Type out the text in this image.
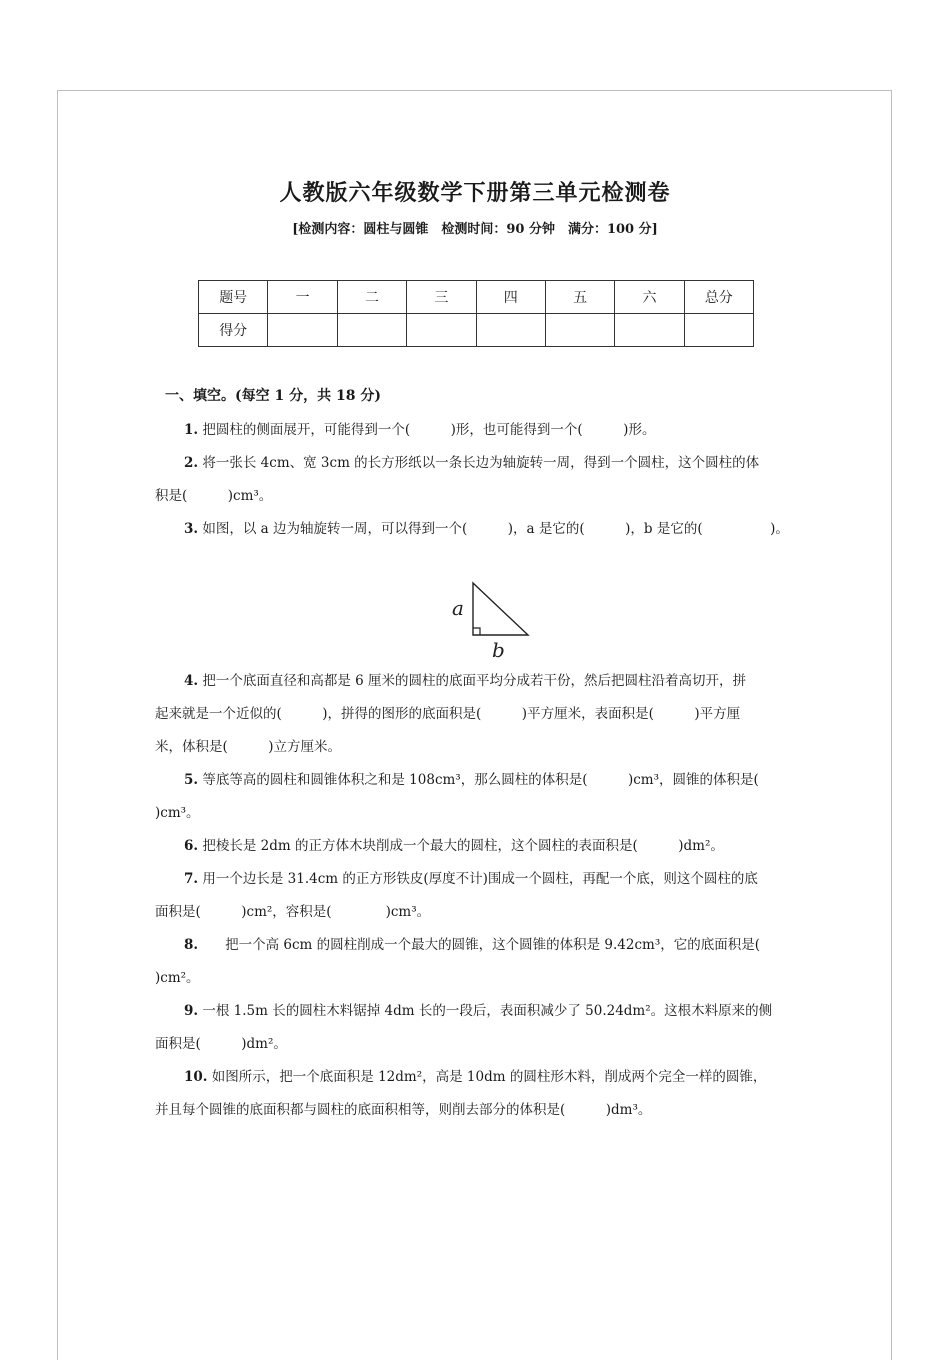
人教版六年级数学下册第三单元检测卷
[检测内容：圆柱与圆锥　检测时间：90 分钟　满分：100 分]
题号	一	二	三	四	五	六	总分
得分							
一、填空。(每空 1 分，共 18 分)
1. 把圆柱的侧面展开，可能得到一个(　　　)形，也可能得到一个(　　　)形。
2. 将一张长 4cm、宽 3cm 的长方形纸以一条长边为轴旋转一周，得到一个圆柱，这个圆柱的体
积是(　　　)cm³。
3. 如图，以 a 边为轴旋转一周，可以得到一个(　　　)，a 是它的(　　　)，b 是它的(　　　　　)。
a
b
4. 把一个底面直径和高都是 6 厘米的圆柱的底面平均分成若干份，然后把圆柱沿着高切开，拼
起来就是一个近似的(　　　)，拼得的图形的底面积是(　　　)平方厘米，表面积是(　　　)平方厘
米，体积是(　　　)立方厘米。
5. 等底等高的圆柱和圆锥体积之和是 108cm³，那么圆柱的体积是(　　　)cm³，圆锥的体积是(
)cm³。
6. 把棱长是 2dm 的正方体木块削成一个最大的圆柱，这个圆柱的表面积是(　　　)dm²。
7. 用一个边长是 31.4cm 的正方形铁皮(厚度不计)围成一个圆柱，再配一个底，则这个圆柱的底
面积是(　　　)cm²，容积是(　　　　)cm³。
8.　　把一个高 6cm 的圆柱削成一个最大的圆锥，这个圆锥的体积是 9.42cm³，它的底面积是(
)cm²。
9. 一根 1.5m 长的圆柱木料锯掉 4dm 长的一段后，表面积减少了 50.24dm²。这根木料原来的侧
面积是(　　　)dm²。
10. 如图所示，把一个底面积是 12dm²，高是 10dm 的圆柱形木料，削成两个完全一样的圆锥，
并且每个圆锥的底面积都与圆柱的底面积相等，则削去部分的体积是(　　　)dm³。
